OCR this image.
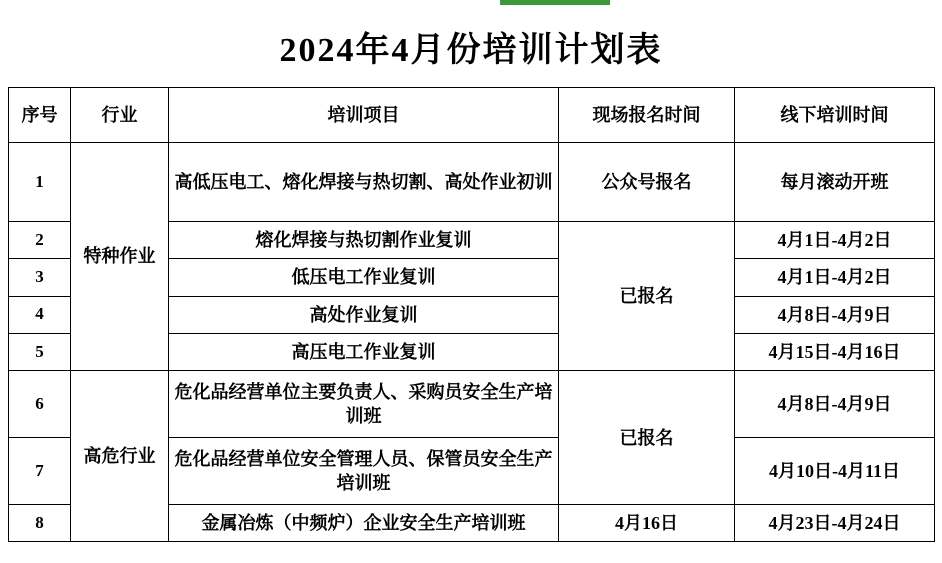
2024年4月份培训计划表
序号	行业	培训项目	现场报名时间	线下培训时间
1	特种作业	高低压电工、熔化焊接与热切割、高处作业初训	公众号报名	每月滚动开班
2		熔化焊接与热切割作业复训	已报名	4月1日-4月2日
3		低压电工作业复训		4月1日-4月2日
4		高处作业复训		4月8日-4月9日
5		高压电工作业复训		4月15日-4月16日
6	高危行业	危化品经营单位主要负责人、采购员安全生产培训班	已报名	4月8日-4月9日
7		危化品经营单位安全管理人员、保管员安全生产培训班		4月10日-4月11日
8		金属冶炼（中频炉）企业安全生产培训班	4月16日	4月23日-4月24日
